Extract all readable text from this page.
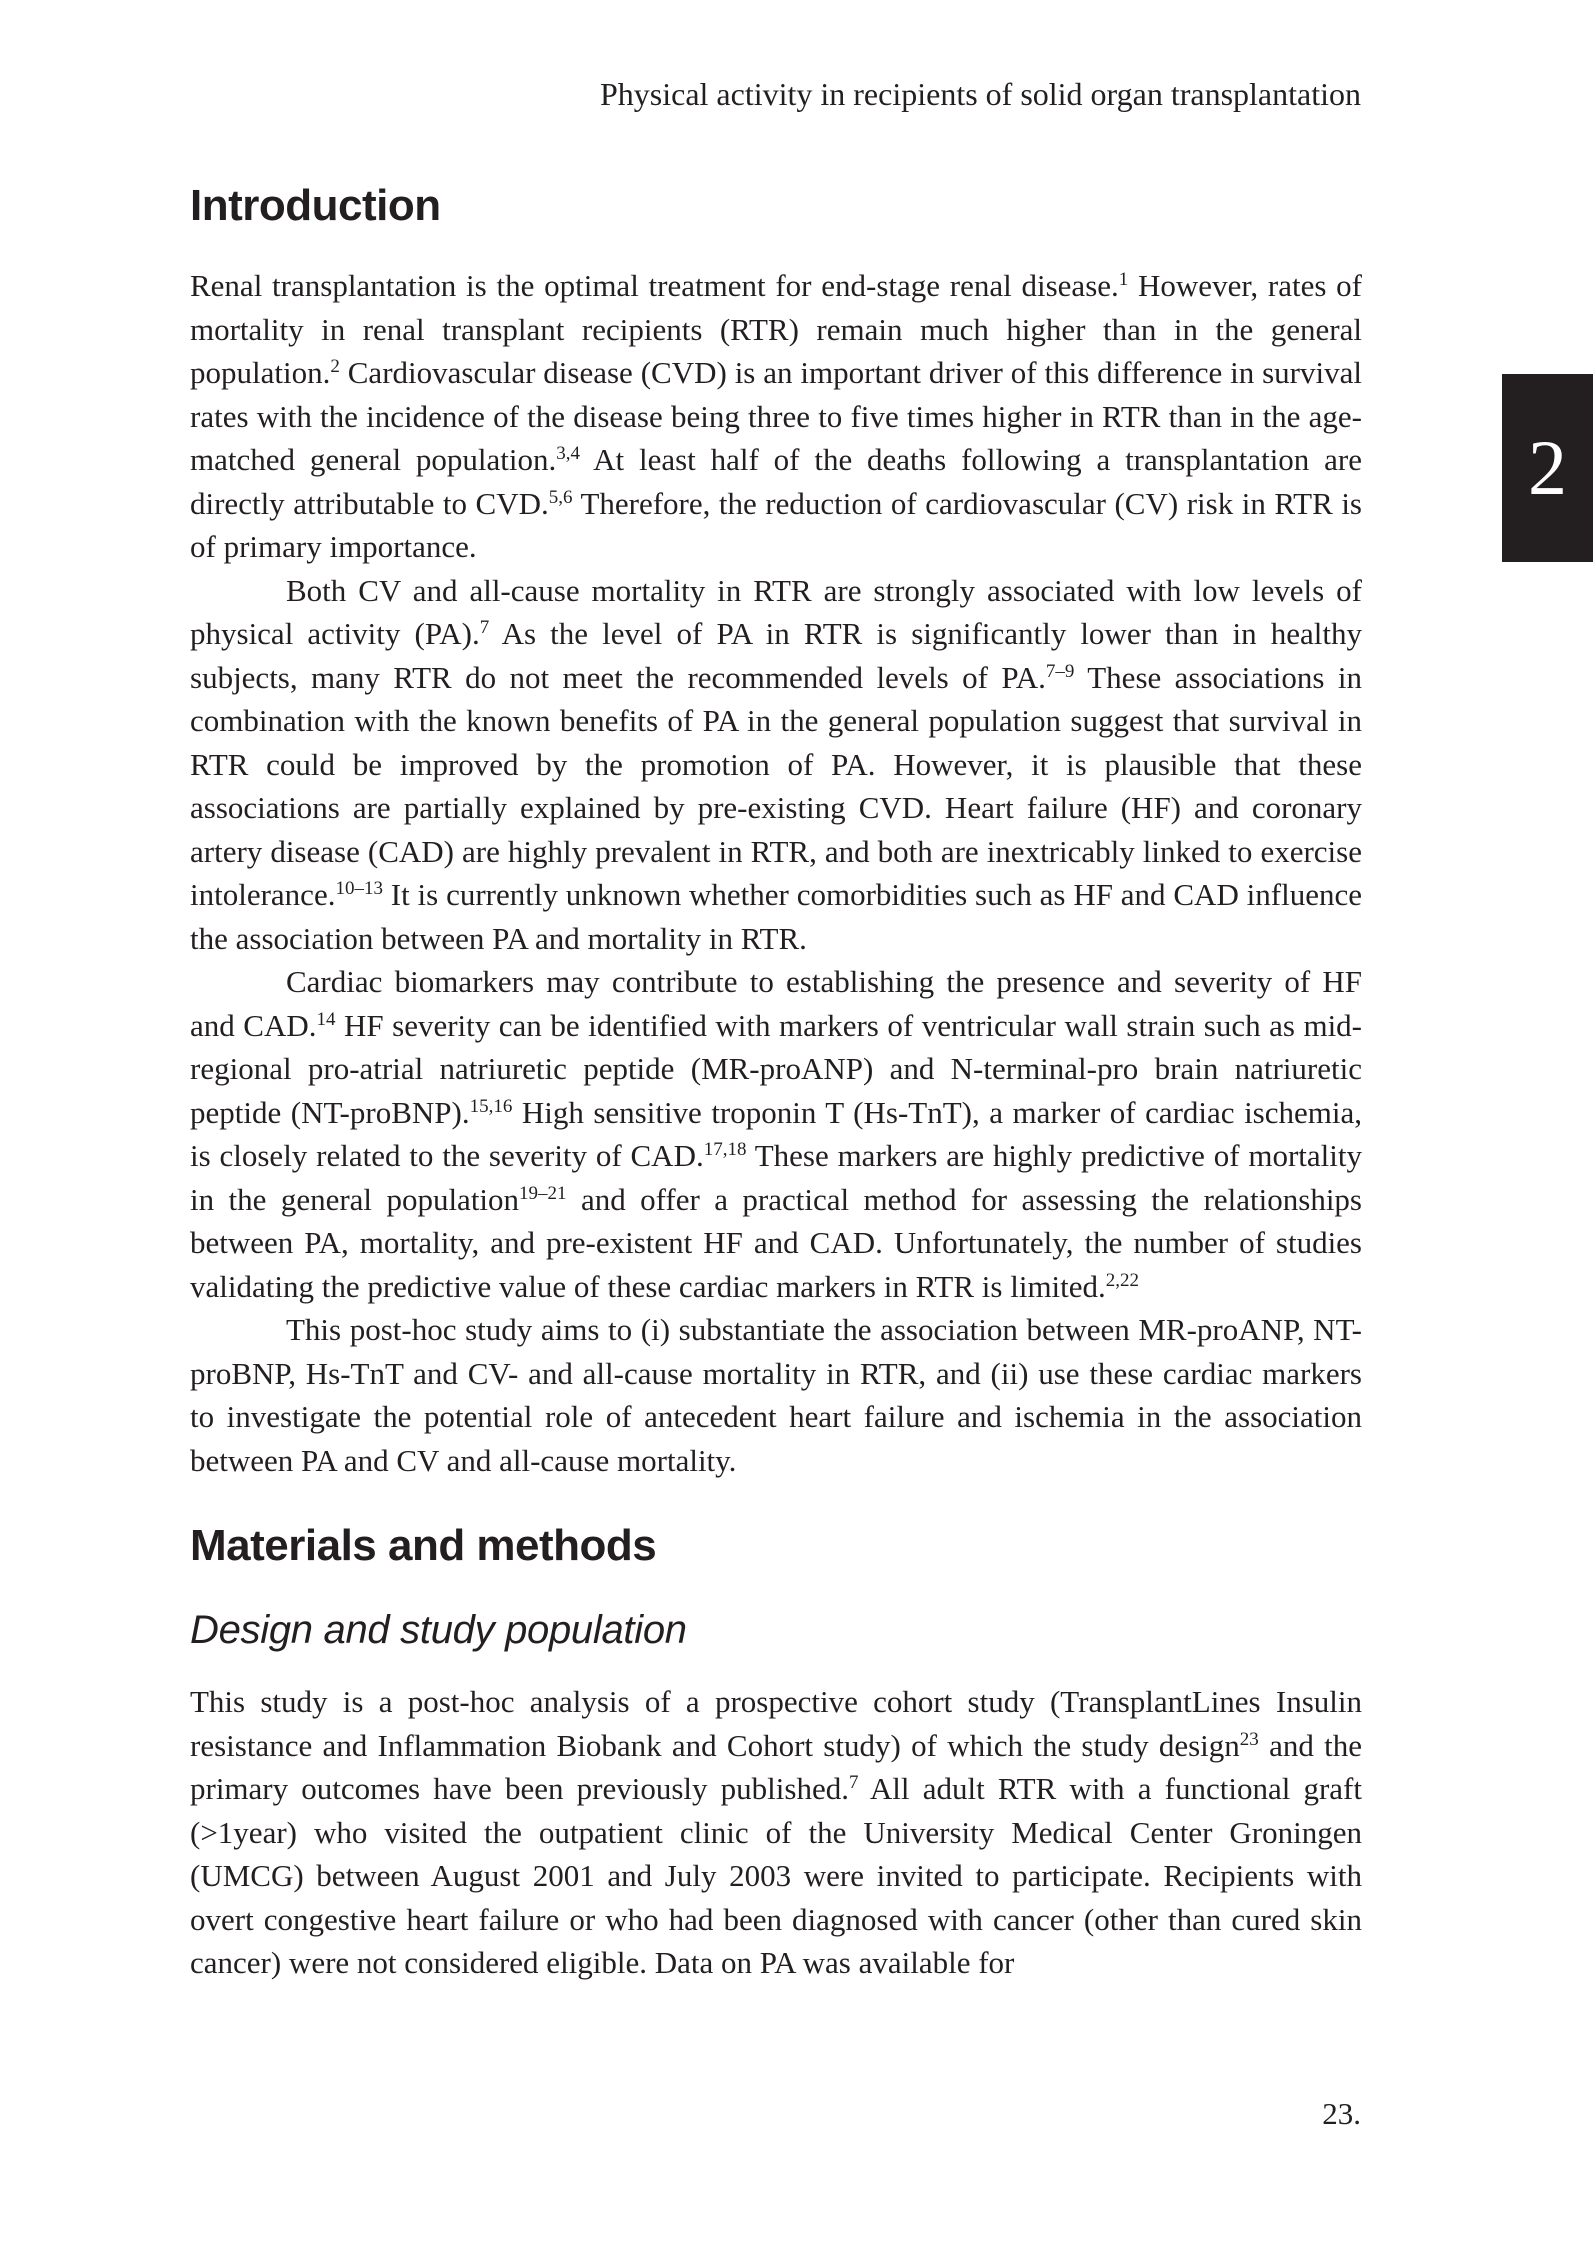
Physical activity in recipients of solid organ transplantation
2
Introduction

Renal transplantation is the optimal treatment for end-stage renal disease.$^1$ However, rates of mortality in renal transplant recipients (RTR) remain much higher than in the general population.$^2$ Cardiovascular disease (CVD) is an important driver of this difference in survival rates with the incidence of the disease being three to five times higher in RTR than in the age-matched general population.$^{3,4}$ At least half of the deaths following a transplantation are directly attributable to CVD.$^{5,6}$ Therefore, the reduction of cardiovascular (CV) risk in RTR is of primary importance.

Both CV and all-cause mortality in RTR are strongly associated with low levels of physical activity (PA).$^7$ As the level of PA in RTR is significantly lower than in healthy subjects, many RTR do not meet the recommended levels of PA.$^{7-9}$ These associations in combination with the known benefits of PA in the general population suggest that survival in RTR could be improved by the promotion of PA. However, it is plausible that these associations are partially explained by pre-existing CVD. Heart failure (HF) and coronary artery disease (CAD) are highly prevalent in RTR, and both are inextricably linked to exercise intolerance.$^{10-13}$ It is currently unknown whether comorbidities such as HF and CAD influence the association between PA and mortality in RTR.

Cardiac biomarkers may contribute to establishing the presence and severity of HF and CAD.$^{14}$ HF severity can be identified with markers of ventricular wall strain such as mid-regional pro-atrial natriuretic peptide (MR-proANP) and N-terminal-pro brain natriuretic peptide (NT-proBNP).$^{15,16}$ High sensitive troponin T (Hs-TnT), a marker of cardiac ischemia, is closely related to the severity of CAD.$^{17,18}$ These markers are highly predictive of mortality in the general population$^{19-21}$ and offer a practical method for assessing the relationships between PA, mortality, and pre-existent HF and CAD. Unfortunately, the number of studies validating the predictive value of these cardiac markers in RTR is limited.$^{2,22}$

This post-hoc study aims to (i) substantiate the association between MR-proANP, NT-proBNP, Hs-TnT and CV- and all-cause mortality in RTR, and (ii) use these cardiac markers to investigate the potential role of antecedent heart failure and ischemia in the association between PA and CV and all-cause mortality.

Materials and methods
Design and study population

This study is a post-hoc analysis of a prospective cohort study (TransplantLines Insulin resistance and Inflammation Biobank and Cohort study) of which the study design$^{23}$ and the primary outcomes have been previously published.$^7$ All adult RTR with a functional graft (>1year) who visited the outpatient clinic of the University Medical Center Groningen (UMCG) between August 2001 and July 2003 were invited to participate. Recipients with overt congestive heart failure or who had been diagnosed with cancer (other than cured skin cancer) were not considered eligible. Data on PA was available for

23.
